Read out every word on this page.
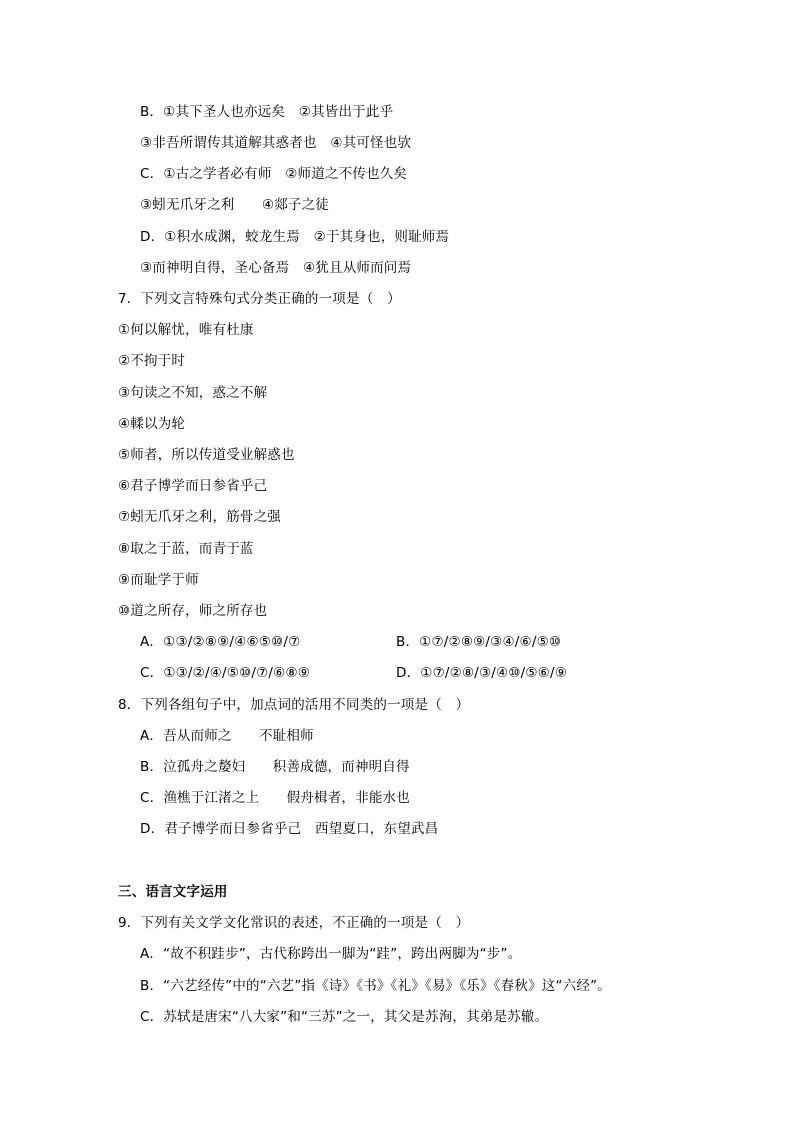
B．①其下圣人也亦远矣　②其皆出于此乎
③非吾所谓传其道解其惑者也　④其可怪也欤
C．①古之学者必有师　②师道之不传也久矣
③蚓无爪牙之利　　④郯子之徒
D．①积水成渊，蛟龙生焉　②于其身也，则耻师焉
③而神明自得，圣心备焉　④犹且从师而问焉
7．下列文言特殊句式分类正确的一项是（　）
①何以解忧，唯有杜康
②不拘于时
③句读之不知，惑之不解
④輮以为轮
⑤师者，所以传道受业解惑也
⑥君子博学而日参省乎己
⑦蚓无爪牙之利，筋骨之强
⑧取之于蓝，而青于蓝
⑨而耻学于师
⑩道之所存，师之所存也
A．①③/②⑧⑨/④⑥⑤⑩/⑦	B．①⑦/②⑧⑨/③④/⑥/⑤⑩
C．①③/②/④/⑤⑩/⑦/⑥⑧⑨	D．①⑦/②⑧/③/④⑩/⑤⑥/⑨
8．下列各组句子中，加点词的活用不同类的一项是（　）
A．吾从而师之　　不耻相师
B．泣孤舟之嫠妇　　积善成德，而神明自得
C．渔樵于江渚之上　　假舟楫者，非能水也
D．君子博学而日参省乎己　西望夏口，东望武昌
三、语言文字运用
9．下列有关文学文化常识的表述，不正确的一项是（　）
A．“故不积跬步”，古代称跨出一脚为“跬”，跨出两脚为“步”。
B．“六艺经传”中的“六艺”指《诗》《书》《礼》《易》《乐》《春秋》这“六经”。
C．苏轼是唐宋“八大家”和“三苏”之一，其父是苏洵，其弟是苏辙。
